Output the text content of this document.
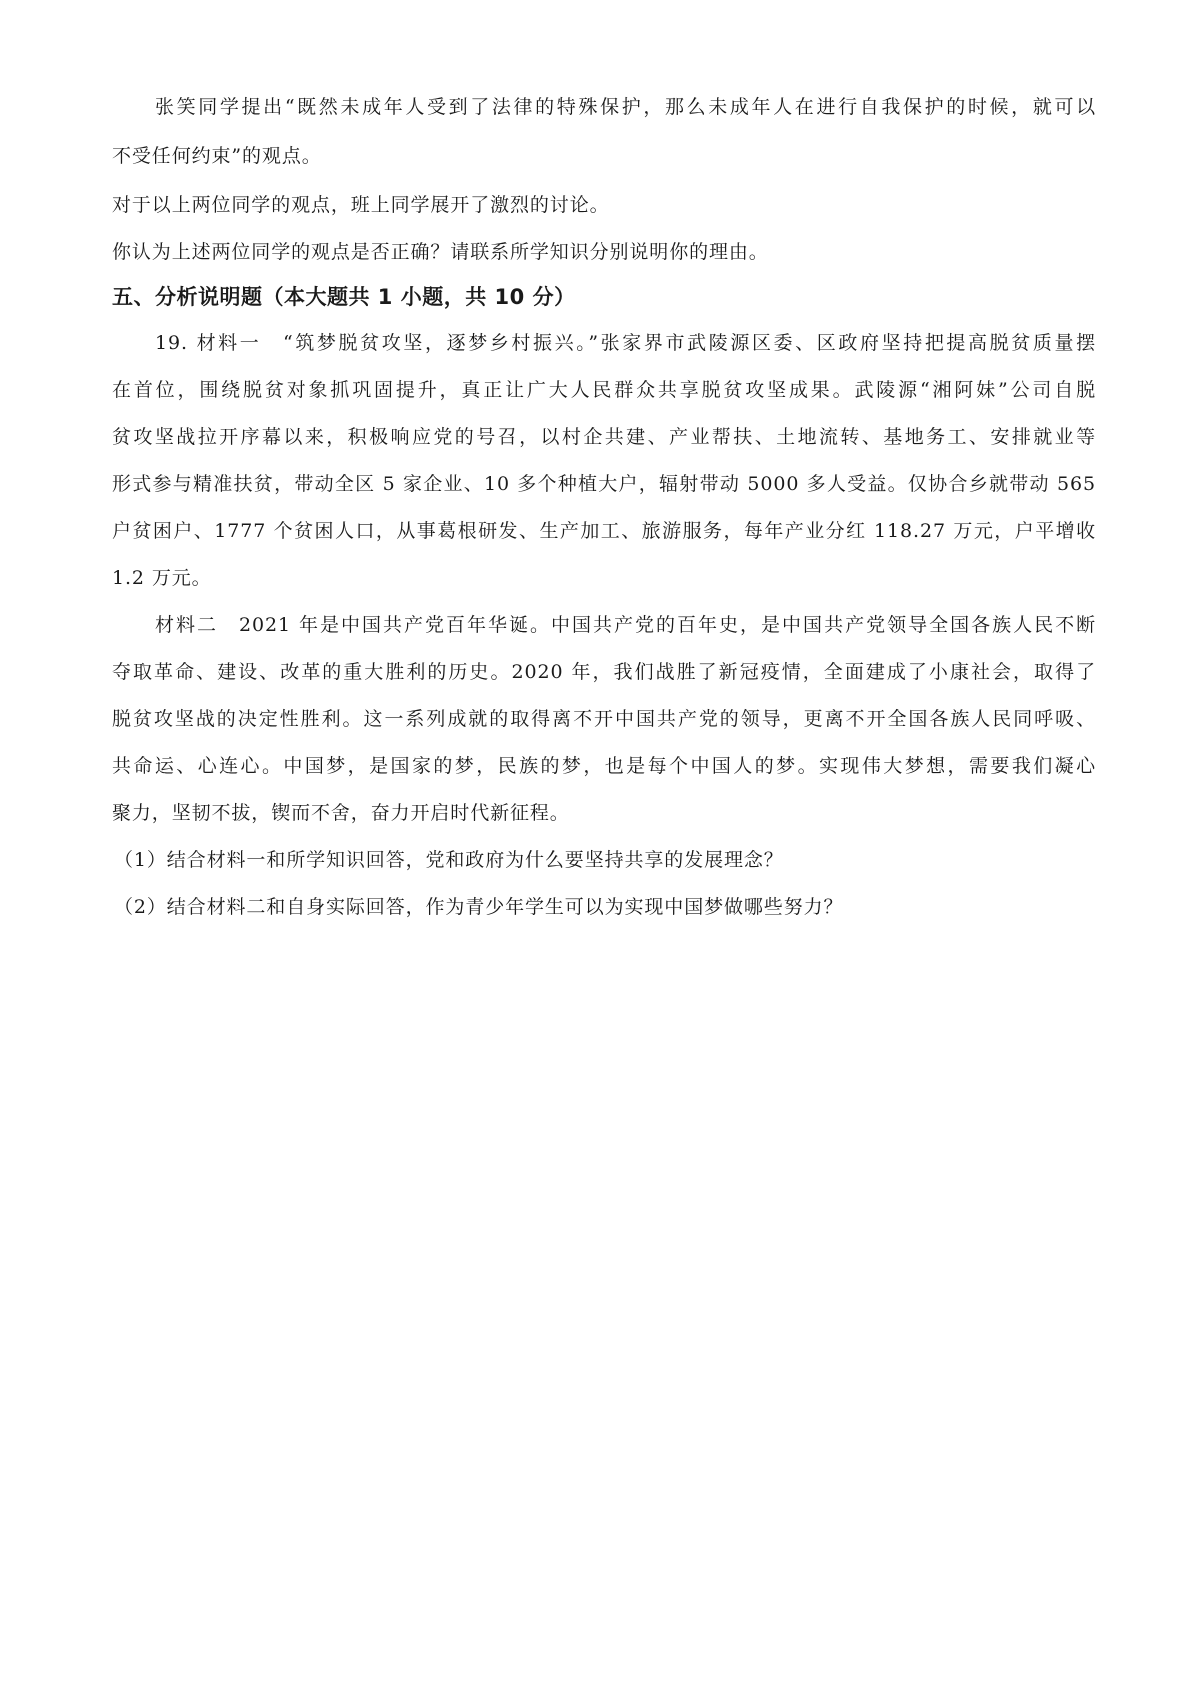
张笑同学提出“既然未成年人受到了法律的特殊保护，那么未成年人在进行自我保护的时候，就可以
不受任何约束”的观点。
对于以上两位同学的观点，班上同学展开了激烈的讨论。
你认为上述两位同学的观点是否正确？请联系所学知识分别说明你的理由。
五、分析说明题（本大题共 1 小题，共 10 分）
19. 材料一　“筑梦脱贫攻坚，逐梦乡村振兴。”张家界市武陵源区委、区政府坚持把提高脱贫质量摆
在首位，围绕脱贫对象抓巩固提升，真正让广大人民群众共享脱贫攻坚成果。武陵源“湘阿妹”公司自脱
贫攻坚战拉开序幕以来，积极响应党的号召，以村企共建、产业帮扶、土地流转、基地务工、安排就业等
形式参与精准扶贫，带动全区 5 家企业、10 多个种植大户，辐射带动 5000 多人受益。仅协合乡就带动 565
户贫困户、1777 个贫困人口，从事葛根研发、生产加工、旅游服务，每年产业分红 118.27 万元，户平增收
1.2 万元。
材料二　2021 年是中国共产党百年华诞。中国共产党的百年史，是中国共产党领导全国各族人民不断
夺取革命、建设、改革的重大胜利的历史。2020 年，我们战胜了新冠疫情，全面建成了小康社会，取得了
脱贫攻坚战的决定性胜利。这一系列成就的取得离不开中国共产党的领导，更离不开全国各族人民同呼吸、
共命运、心连心。中国梦，是国家的梦，民族的梦，也是每个中国人的梦。实现伟大梦想，需要我们凝心
聚力，坚韧不拔，锲而不舍，奋力开启时代新征程。
（1）结合材料一和所学知识回答，党和政府为什么要坚持共享的发展理念？
（2）结合材料二和自身实际回答，作为青少年学生可以为实现中国梦做哪些努力？
